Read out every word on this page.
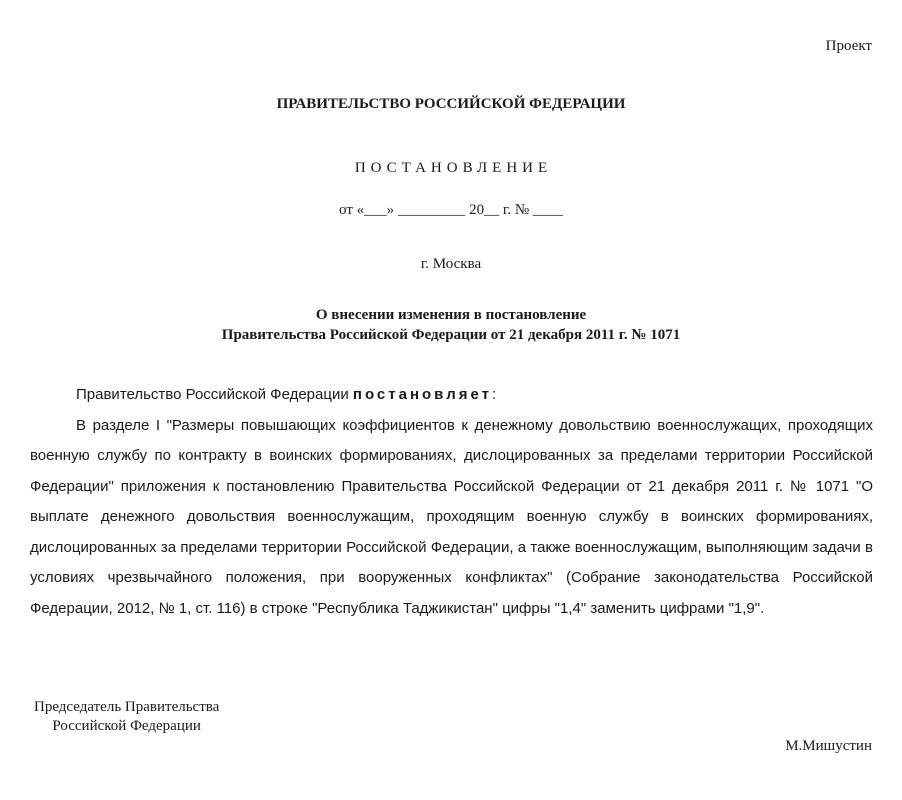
Проект
ПРАВИТЕЛЬСТВО РОССИЙСКОЙ ФЕДЕРАЦИИ
ПОСТАНОВЛЕНИЕ
от «___» _________ 20__ г. № ____
г. Москва
О внесении изменения в постановление
Правительства Российской Федерации от 21 декабря 2011 г. № 1071

Правительство Российской Федерации постановляет:

В разделе I "Размеры повышающих коэффициентов к денежному довольствию военнослужащих, проходящих военную службу по контракту в воинских формированиях, дислоцированных за пределами территории Российской Федерации" приложения к постановлению Правительства Российской Федерации от 21 декабря 2011 г. № 1071 "О выплате денежного довольствия военнослужащим, проходящим военную службу в воинских формированиях, дислоцированных за пределами территории Российской Федерации, а также военнослужащим, выполняющим задачи в условиях чрезвычайного положения, при вооруженных конфликтах" (Собрание законодательства Российской Федерации, 2012, № 1, ст. 116) в строке "Республика Таджикистан" цифры "1,4" заменить цифрами "1,9".

Председатель Правительства
Российской Федерации
М.Мишустин
